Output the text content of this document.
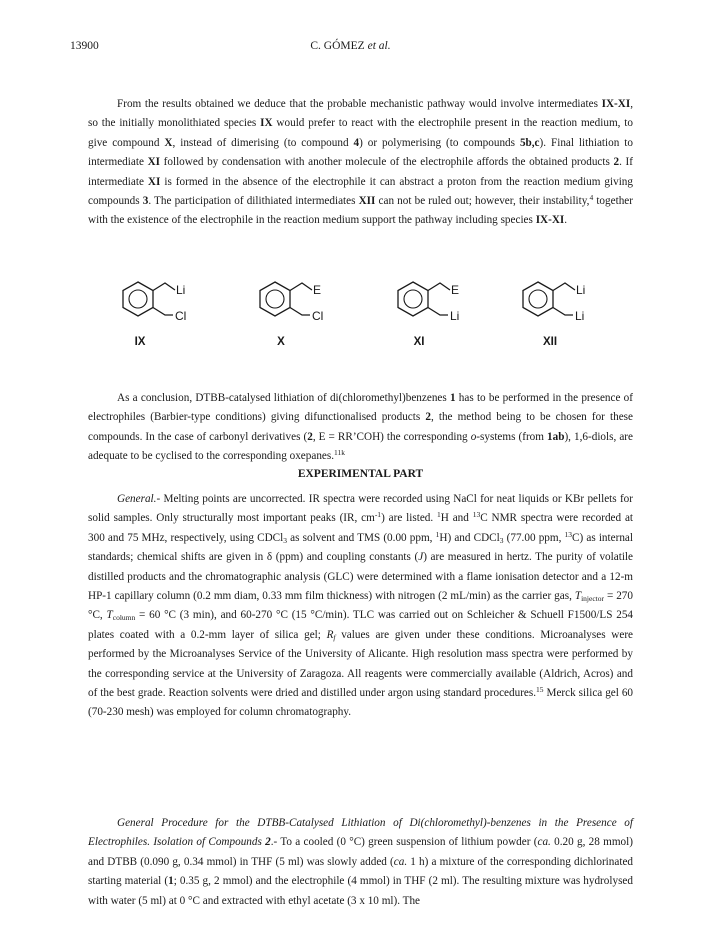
13900	C. GÓMEZ et al.

From the results obtained we deduce that the probable mechanistic pathway would involve intermediates IX-XI, so the initially monolithiated species IX would prefer to react with the electrophile present in the reaction medium, to give compound X, instead of dimerising (to compound 4) or polymerising (to compounds 5b,c). Final lithiation to intermediate XI followed by condensation with another molecule of the electrophile affords the obtained products 2. If intermediate XI is formed in the absence of the electrophile it can abstract a proton from the reaction medium giving compounds 3. The participation of dilithiated intermediates XII can not be ruled out; however, their instability,$^4$ together with the existence of the electrophile in the reaction medium support the pathway including species IX-XI.

Li
Cl
IX
E
Cl
X
E
Li
XI
Li
Li
XII

As a conclusion, DTBB-catalysed lithiation of di(chloromethyl)benzenes 1 has to be performed in the presence of electrophiles (Barbier-type conditions) giving difunctionalised products 2, the method being to be chosen for these compounds. In the case of carbonyl derivatives (2, E = RR’COH) the corresponding o-systems (from 1ab), 1,6-diols, are adequate to be cyclised to the corresponding oxepanes.$^{11k}$

EXPERIMENTAL PART

General.- Melting points are uncorrected. IR spectra were recorded using NaCl for neat liquids or KBr pellets for solid samples. Only structurally most important peaks (IR, $cm^{-1}$) are listed. $^1$H and $^{13}$C NMR spectra were recorded at 300 and 75 MHz, respectively, using CDCl$_3$ as solvent and TMS (0.00 ppm, $^1$H) and CDCl$_3$ (77.00 ppm, $^{13}$C) as internal standards; chemical shifts are given in δ (ppm) and coupling constants (J) are measured in hertz. The purity of volatile distilled products and the chromatographic analysis (GLC) were determined with a flame ionisation detector and a 12-m HP-1 capillary column (0.2 mm diam, 0.33 mm film thickness) with nitrogen (2 mL/min) as the carrier gas, $T_{injector} = 270$ °C, $T_{column} = 60$ °C (3 min), and 60-270 °C (15 °C/min). TLC was carried out on Schleicher & Schuell F1500/LS 254 plates coated with a 0.2-mm layer of silica gel; $R_f$ values are given under these conditions. Microanalyses were performed by the Microanalyses Service of the University of Alicante. High resolution mass spectra were performed by the corresponding service at the University of Zaragoza. All reagents were commercially available (Aldrich, Acros) and of the best grade. Reaction solvents were dried and distilled under argon using standard procedures.$^{15}$ Merck silica gel 60 (70-230 mesh) was employed for column chromatography.

General Procedure for the DTBB-Catalysed Lithiation of Di(chloromethyl)-benzenes in the Presence of Electrophiles. Isolation of Compounds 2.- To a cooled (0 °C) green suspension of lithium powder (ca. 0.20 g, 28 mmol) and DTBB (0.090 g, 0.34 mmol) in THF (5 ml) was slowly added (ca. 1 h) a mixture of the corresponding dichlorinated starting material (1; 0.35 g, 2 mmol) and the electrophile (4 mmol) in THF (2 ml). The resulting mixture was hydrolysed with water (5 ml) at 0 °C and extracted with ethyl acetate (3 x 10 ml). The
